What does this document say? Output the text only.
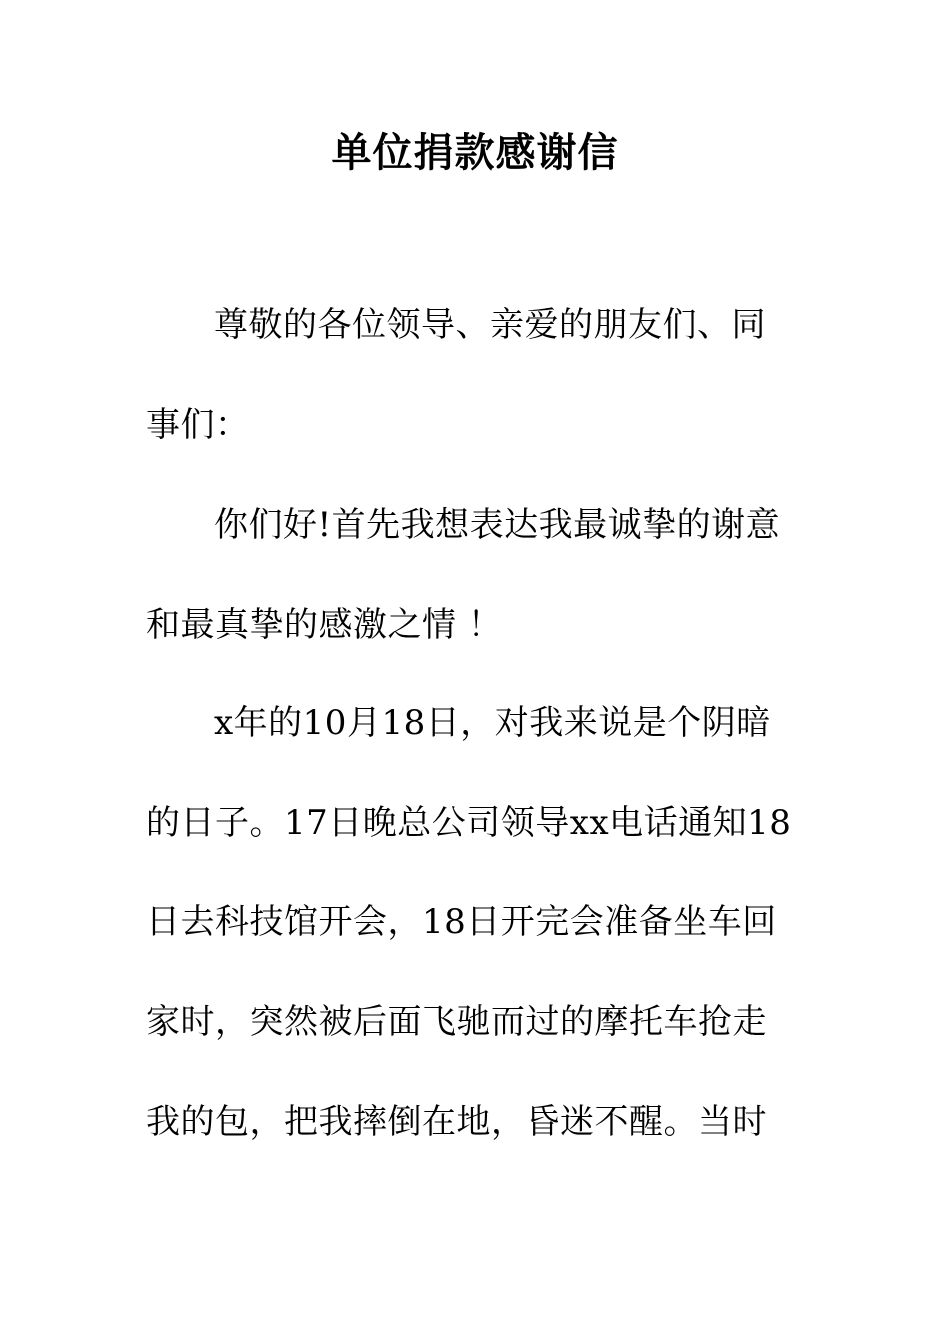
单位捐款感谢信
尊敬的各位领导、亲爱的朋友们、同
事们：
你们好!首先我想表达我最诚挚的谢意
和最真挚的感激之情 ！
x年的10月18日，对我来说是个阴暗
的日子。17日晚总公司领导xx电话通知18
日去科技馆开会，18日开完会准备坐车回
家时，突然被后面飞驰而过的摩托车抢走
我的包，把我摔倒在地，昏迷不醒。当时
